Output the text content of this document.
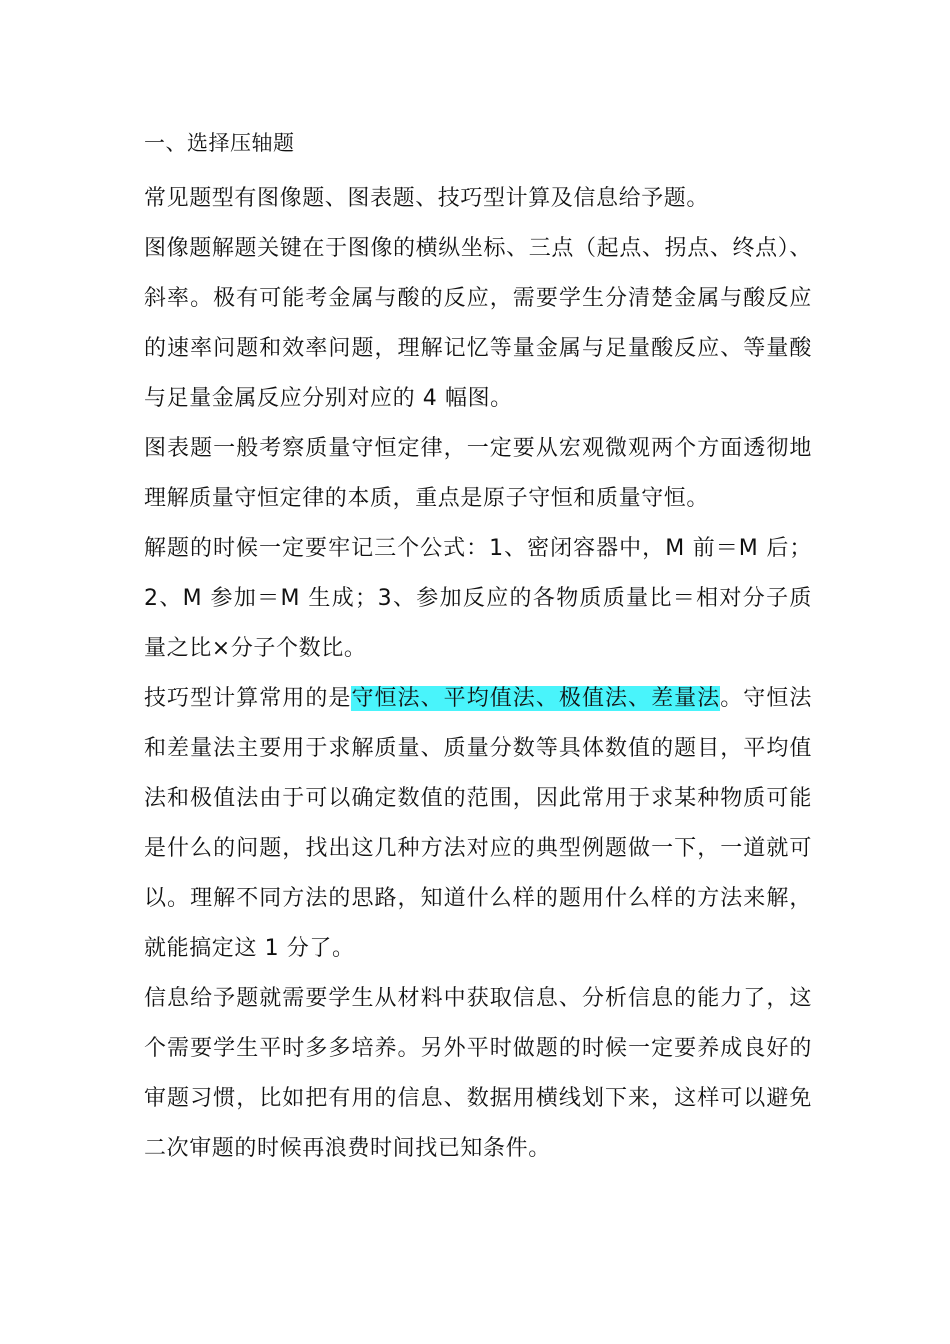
一、选择压轴题

常见题型有图像题、图表题、技巧型计算及信息给予题。

图像题解题关键在于图像的横纵坐标、三点（起点、拐点、终点）、斜率。极有可能考金属与酸的反应，需要学生分清楚金属与酸反应的速率问题和效率问题，理解记忆等量金属与足量酸反应、等量酸与足量金属反应分别对应的 4 幅图。

图表题一般考察质量守恒定律，一定要从宏观微观两个方面透彻地理解质量守恒定律的本质，重点是原子守恒和质量守恒。

解题的时候一定要牢记三个公式：1、密闭容器中，M 前＝M 后；2、M 参加＝M 生成；3、参加反应的各物质质量比＝相对分子质量之比×分子个数比。

技巧型计算常用的是守恒法、平均值法、极值法、差量法。守恒法和差量法主要用于求解质量、质量分数等具体数值的题目，平均值法和极值法由于可以确定数值的范围，因此常用于求某种物质可能是什么的问题，找出这几种方法对应的典型例题做一下，一道就可以。理解不同方法的思路，知道什么样的题用什么样的方法来解，就能搞定这 1 分了。

信息给予题就需要学生从材料中获取信息、分析信息的能力了，这个需要学生平时多多培养。另外平时做题的时候一定要养成良好的审题习惯，比如把有用的信息、数据用横线划下来，这样可以避免二次审题的时候再浪费时间找已知条件。
